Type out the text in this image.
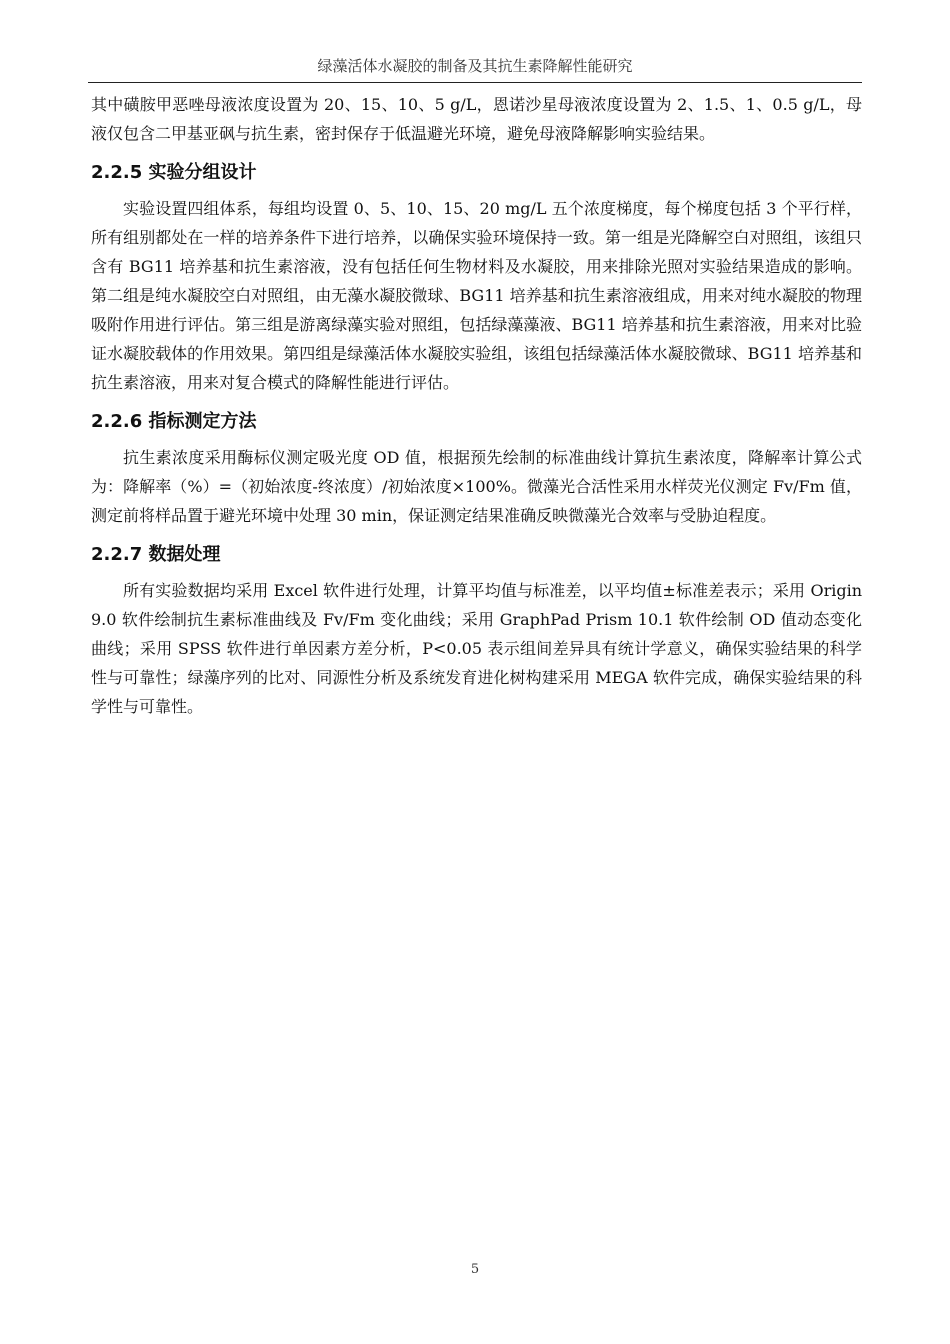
绿藻活体水凝胶的制备及其抗生素降解性能研究

其中磺胺甲恶唑母液浓度设置为 20、15、10、5 g/L，恩诺沙星母液浓度设置为 2、1.5、1、0.5 g/L，母液仅包含二甲基亚砜与抗生素，密封保存于低温避光环境，避免母液降解影响实验结果。

2.2.5 实验分组设计

实验设置四组体系，每组均设置 0、5、10、15、20 mg/L 五个浓度梯度，每个梯度包括 3 个平行样，所有组别都处在一样的培养条件下进行培养，以确保实验环境保持一致。第一组是光降解空白对照组，该组只含有 BG11 培养基和抗生素溶液，没有包括任何生物材料及水凝胶，用来排除光照对实验结果造成的影响。第二组是纯水凝胶空白对照组，由无藻水凝胶微球、BG11 培养基和抗生素溶液组成，用来对纯水凝胶的物理吸附作用进行评估。第三组是游离绿藻实验对照组，包括绿藻藻液、BG11 培养基和抗生素溶液，用来对比验证水凝胶载体的作用效果。第四组是绿藻活体水凝胶实验组，该组包括绿藻活体水凝胶微球、BG11 培养基和抗生素溶液，用来对复合模式的降解性能进行评估。

2.2.6 指标测定方法

抗生素浓度采用酶标仪测定吸光度 OD 值，根据预先绘制的标准曲线计算抗生素浓度，降解率计算公式为：降解率（%）=（初始浓度-终浓度）/初始浓度×100%。微藻光合活性采用水样荧光仪测定 Fv/Fm 值，测定前将样品置于避光环境中处理 30 min，保证测定结果准确反映微藻光合效率与受胁迫程度。

2.2.7 数据处理

所有实验数据均采用 Excel 软件进行处理，计算平均值与标准差，以平均值±标准差表示；采用 Origin 9.0 软件绘制抗生素标准曲线及 Fv/Fm 变化曲线；采用 GraphPad Prism 10.1 软件绘制 OD 值动态变化曲线；采用 SPSS 软件进行单因素方差分析，P<0.05 表示组间差异具有统计学意义，确保实验结果的科学性与可靠性；绿藻序列的比对、同源性分析及系统发育进化树构建采用 MEGA 软件完成，确保实验结果的科学性与可靠性。

5
